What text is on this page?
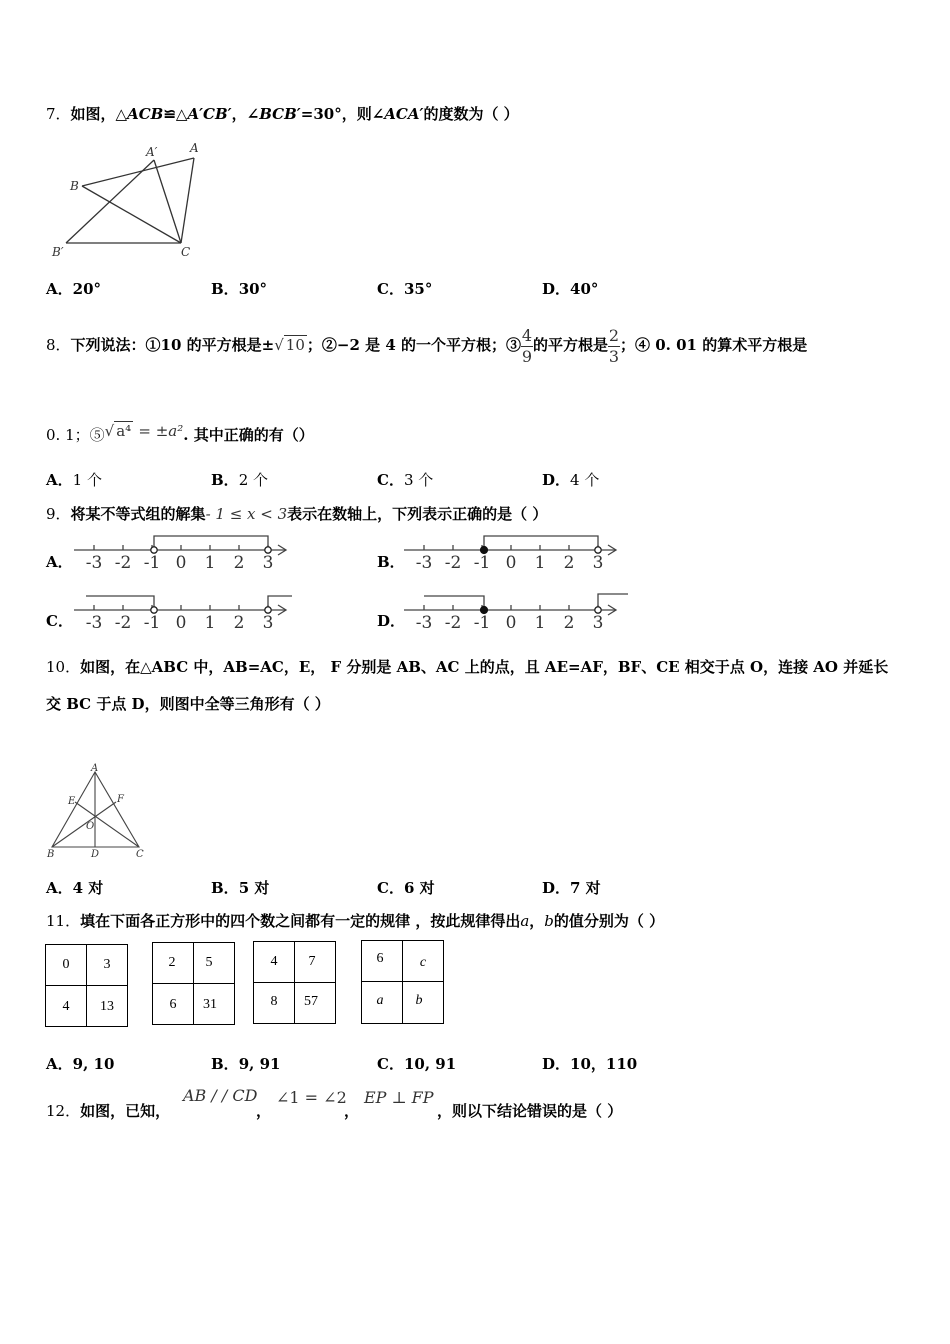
7．如图，△ACB≌△A′CB′，∠BCB′=30°，则∠ACA′的度数为（ ）
A′	A
B
B′	C
A．20°	B．30°	C．35°	D．40°
8．下列说法：①10 的平方根是±√ 10 ；②−2 是 4 的一个平方根；$③\frac{4}{9}$的平方根是$\frac{2}{3}$；④ 0. 01 的算术平方根是
0. 1；⑤√ a⁴ = ±a². 其中正确的有（）
A．1 个	B．2 个	C．3 个	D．4 个
9．将某不等式组的解集- 1 ≤ x < 3表示在数轴上，下列表示正确的是（ ）
A．	B．
C．	D．
-3 -2 -1 0 1 2 3	-3 -2 -1 0 1 2 3
-3 -2 -1 0 1 2 3	-3 -2 -1 0 1 2 3
10．如图，在△ABC 中，AB=AC，E， F 分别是 AB、AC 上的点，且 AE=AF，BF、CE 相交于点 O，连接 AO 并延长
交 BC 于点 D，则图中全等三角形有（ ）
A
E	F
O
B	D	C
A．4 对	B．5 对	C．6 对	D．7 对
11．填在下面各正方形中的四个数之间都有一定的规律 ，按此规律得出a，b的值分别为（ ）
0	3
4	13
2	5
6	31
4	7
8	57
6	c
a	b
A．9, 10	B．9, 91	C．10, 91	D．10，110
12．如图，已知，
AB / / CD
，
∠1 = ∠2
，
EP ⊥ FP
，则以下结论错误的是（ ）
